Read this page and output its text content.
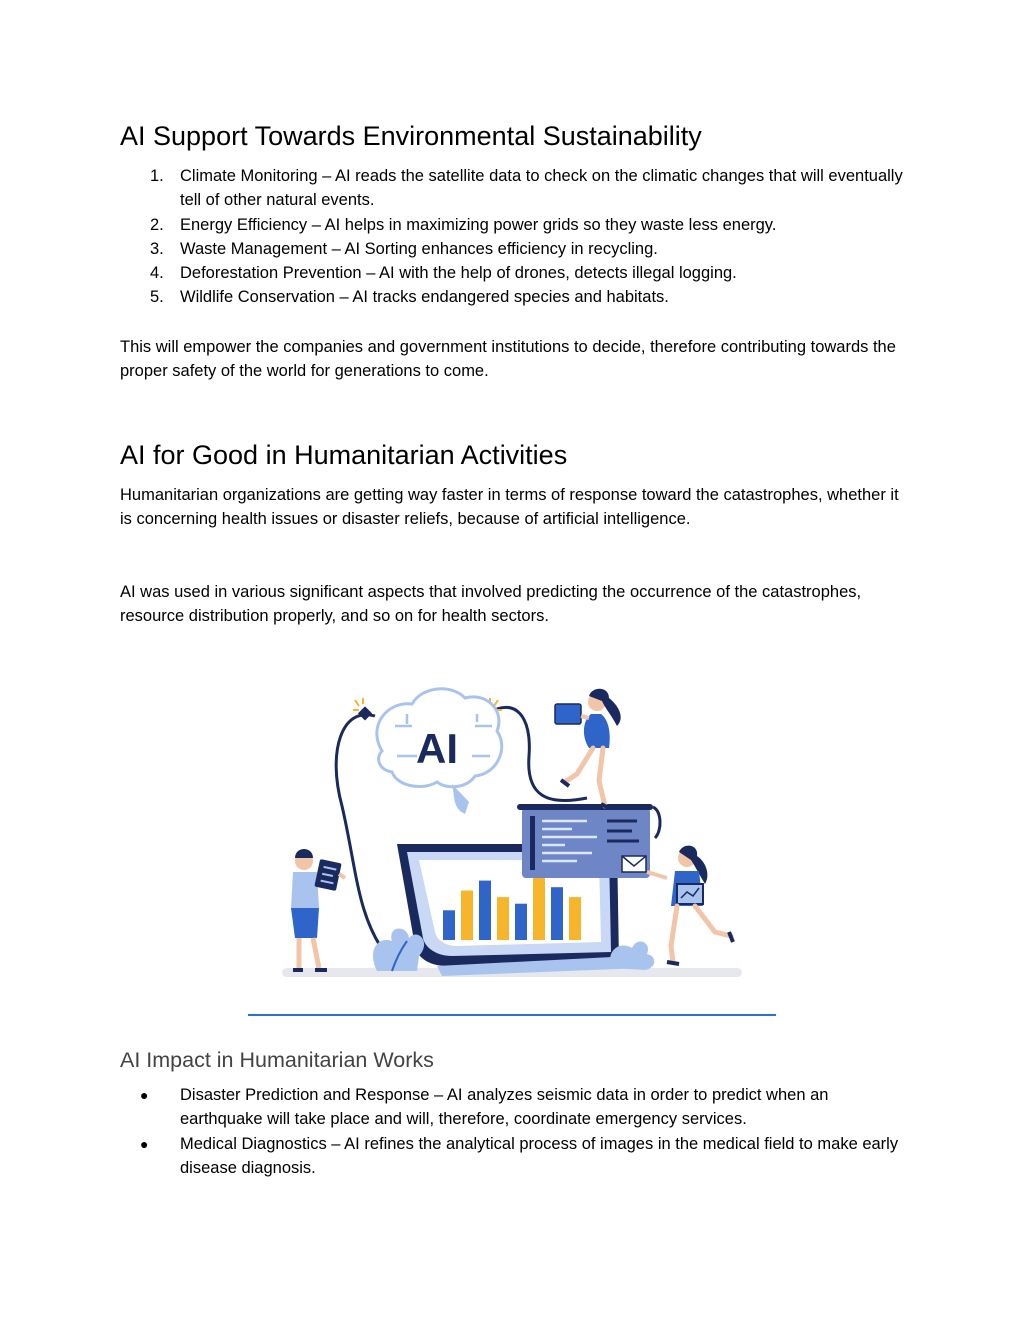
AI Support Towards Environmental Sustainability
1. Climate Monitoring – AI reads the satellite data to check on the climatic changes that will eventually tell of other natural events.
2. Energy Efficiency – AI helps in maximizing power grids so they waste less energy.
3. Waste Management – AI Sorting enhances efficiency in recycling.
4. Deforestation Prevention – AI with the help of drones, detects illegal logging.
5. Wildlife Conservation – AI tracks endangered species and habitats.

This will empower the companies and government institutions to decide, therefore contributing towards the proper safety of the world for generations to come.

AI for Good in Humanitarian Activities

Humanitarian organizations are getting way faster in terms of response toward the catastrophes, whether it is concerning health issues or disaster reliefs, because of artificial intelligence.

AI was used in various significant aspects that involved predicting the occurrence of the catastrophes, resource distribution properly, and so on for health sectors.

AI
AI Impact in Humanitarian Works
● Disaster Prediction and Response – AI analyzes seismic data in order to predict when an earthquake will take place and will, therefore, coordinate emergency services.
● Medical Diagnostics – AI refines the analytical process of images in the medical field to make early disease diagnosis.
